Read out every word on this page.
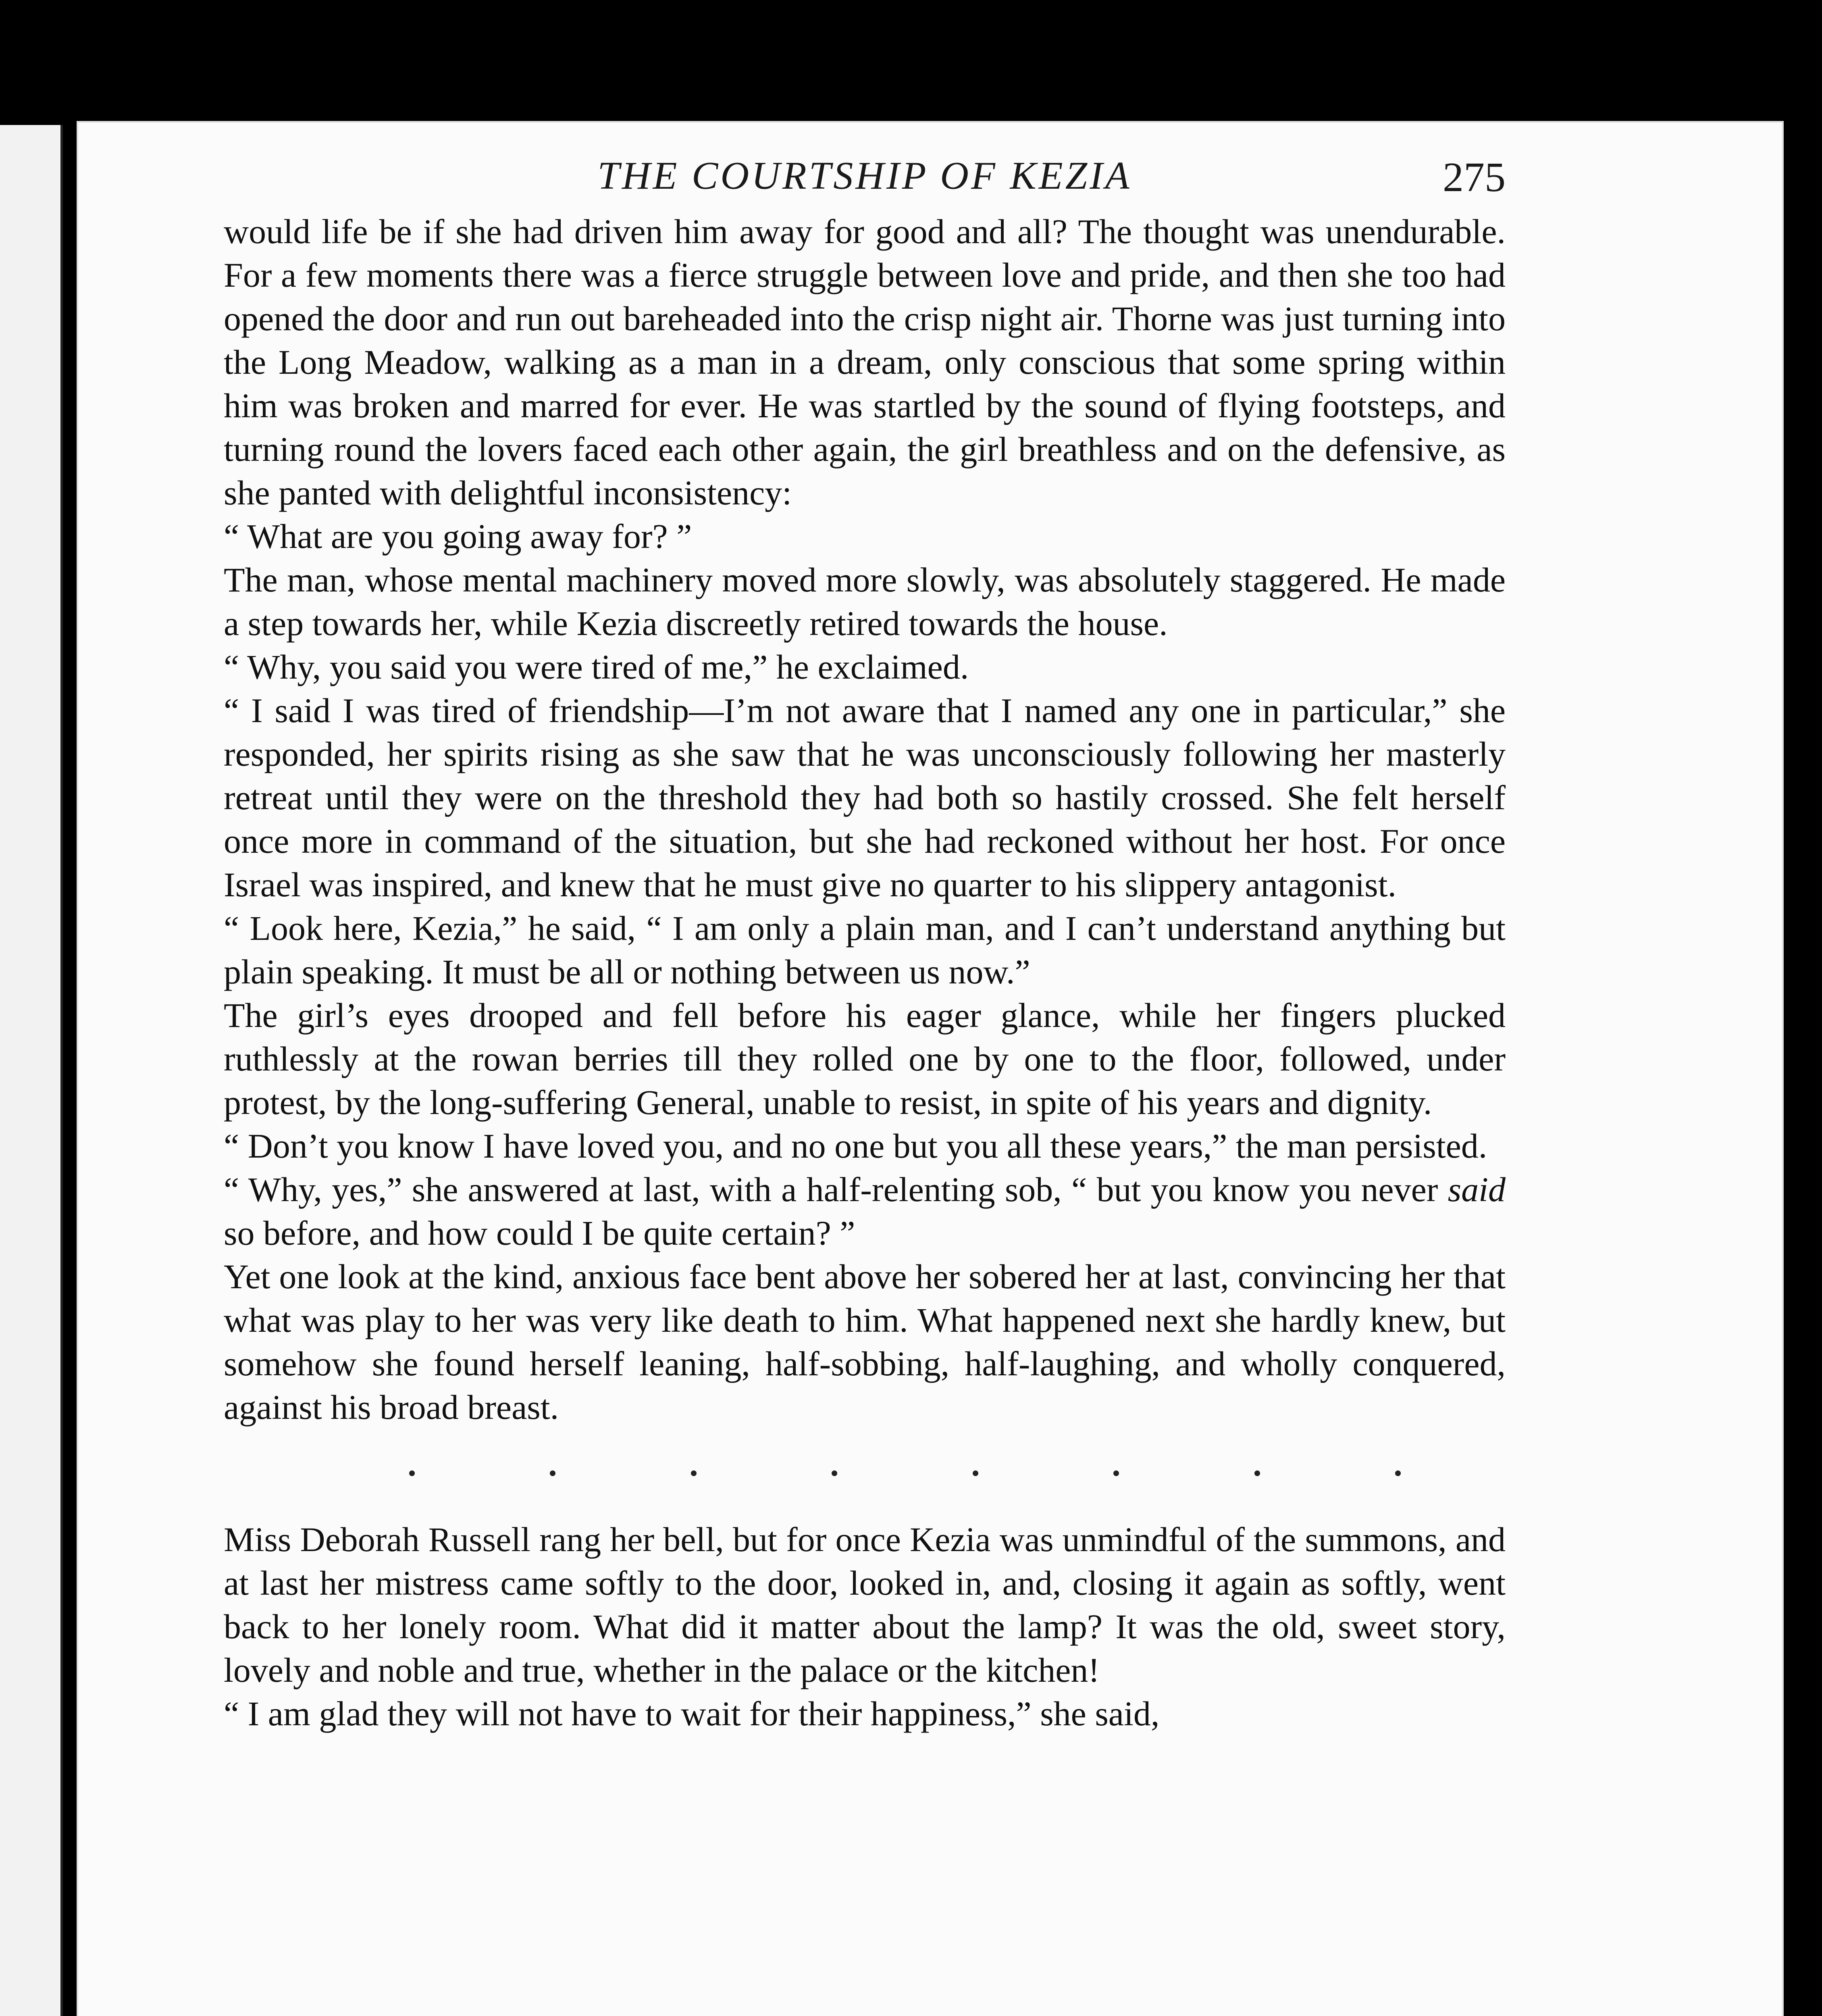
THE COURTSHIP OF KEZIA	275

would life be if she had driven him away for good and all? The thought was unendurable. For a few moments there was a fierce struggle between love and pride, and then she too had opened the door and run out bareheaded into the crisp night air. Thorne was just turning into the Long Meadow, walking as a man in a dream, only conscious that some spring within him was broken and marred for ever. He was startled by the sound of flying footsteps, and turning round the lovers faced each other again, the girl breathless and on the defensive, as she panted with delightful inconsistency:

“ What are you going away for? ”

The man, whose mental machinery moved more slowly, was absolutely staggered. He made a step towards her, while Kezia discreetly retired towards the house.

“ Why, you said you were tired of me,” he exclaimed.

“ I said I was tired of friendship—I’m not aware that I named any one in particular,” she responded, her spirits rising as she saw that he was unconsciously following her masterly retreat until they were on the threshold they had both so hastily crossed. She felt herself once more in command of the situation, but she had reckoned without her host. For once Israel was inspired, and knew that he must give no quarter to his slippery antagonist.

“ Look here, Kezia,” he said, “ I am only a plain man, and I can’t understand anything but plain speaking. It must be all or nothing between us now.”

The girl’s eyes drooped and fell before his eager glance, while her fingers plucked ruthlessly at the rowan berries till they rolled one by one to the floor, followed, under protest, by the long-suffering General, unable to resist, in spite of his years and dignity.

“ Don’t you know I have loved you, and no one but you all these years,” the man persisted.

“ Why, yes,” she answered at last, with a half-relenting sob, “ but you know you never said so before, and how could I be quite certain? ”

Yet one look at the kind, anxious face bent above her sobered her at last, convincing her that what was play to her was very like death to him. What happened next she hardly knew, but somehow she found herself leaning, half-sobbing, half-laughing, and wholly conquered, against his broad breast.

Miss Deborah Russell rang her bell, but for once Kezia was unmindful of the summons, and at last her mistress came softly to the door, looked in, and, closing it again as softly, went back to her lonely room. What did it matter about the lamp? It was the old, sweet story, lovely and noble and true, whether in the palace or the kitchen!

“ I am glad they will not have to wait for their happiness,” she said,
